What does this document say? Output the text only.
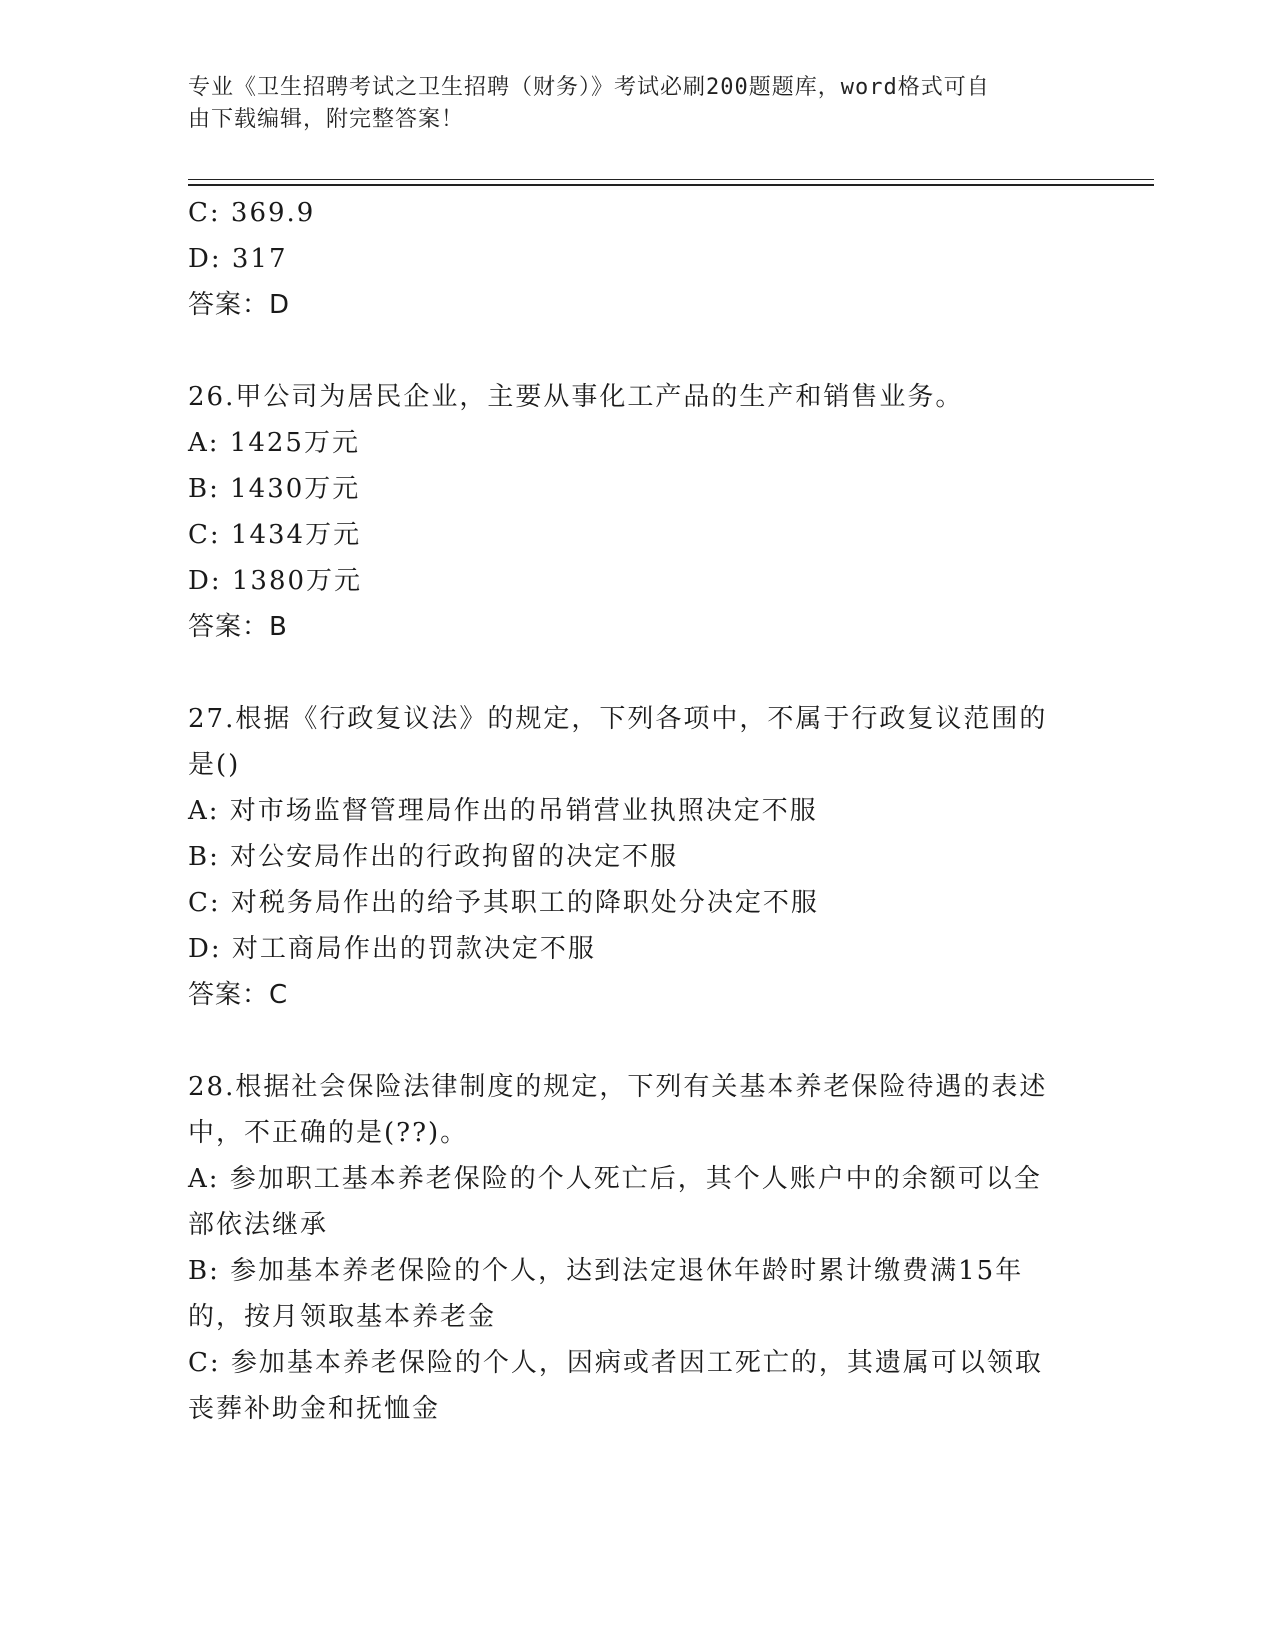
专业《卫生招聘考试之卫生招聘（财务）》考试必刷200题题库，word格式可自
由下载编辑，附完整答案！
C: 369.9
D: 317
答案：D
26.甲公司为居民企业，主要从事化工产品的生产和销售业务。
A: 1425万元
B: 1430万元
C: 1434万元
D: 1380万元
答案：B
27.根据《行政复议法》的规定，下列各项中，不属于行政复议范围的
是()
A: 对市场监督管理局作出的吊销营业执照决定不服
B: 对公安局作出的行政拘留的决定不服
C: 对税务局作出的给予其职工的降职处分决定不服
D: 对工商局作出的罚款决定不服
答案：C
28.根据社会保险法律制度的规定，下列有关基本养老保险待遇的表述
中，不正确的是(??)。
A: 参加职工基本养老保险的个人死亡后，其个人账户中的余额可以全
部依法继承
B: 参加基本养老保险的个人，达到法定退休年龄时累计缴费满15年
的，按月领取基本养老金
C: 参加基本养老保险的个人，因病或者因工死亡的，其遗属可以领取
丧葬补助金和抚恤金
